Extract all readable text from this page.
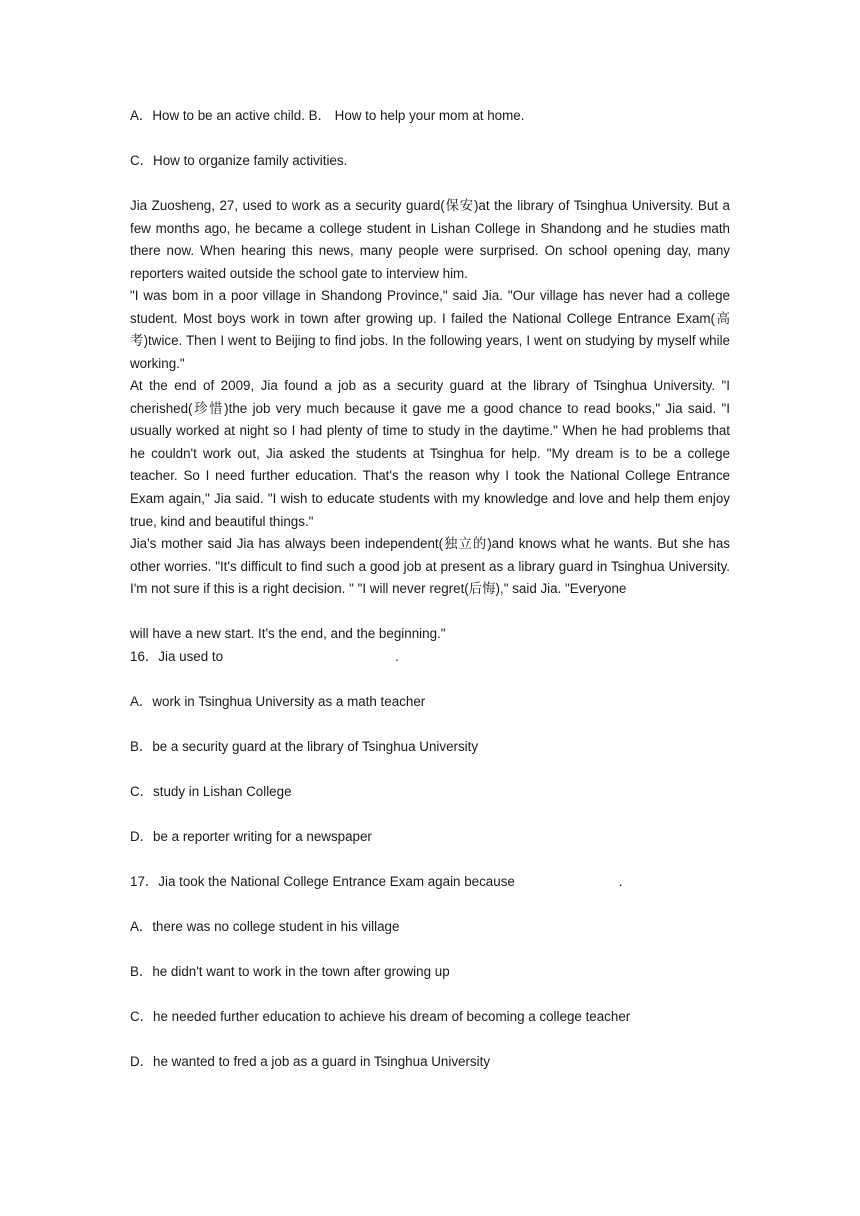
A．How to be an active child. B． How to help your mom at home.
C．How to organize family activities.

Jia Zuosheng, 27, used to work as a security guard(保安)at the library of Tsinghua University. But a few months ago, he became a college student in Lishan College in Shandong and he studies math there now. When hearing this news, many people were surprised. On school opening day, many reporters waited outside the school gate to interview him.

"I was bom in a poor village in Shandong Province," said Jia. "Our village has never had a college student. Most boys work in town after growing up. I failed the National College Entrance Exam(高考)twice. Then I went to Beijing to find jobs. In the following years, I went on studying by myself while working."

At the end of 2009, Jia found a job as a security guard at the library of Tsinghua University. "I cherished(珍惜)the job very much because it gave me a good chance to read books," Jia said. "I usually worked at night so I had plenty of time to study in the daytime." When he had problems that he couldn't work out, Jia asked the students at Tsinghua for help. "My dream is to be a college teacher. So I need further education. That's the reason why I took the National College Entrance Exam again," Jia said. "I wish to educate students with my knowledge and love and help them enjoy true, kind and beautiful things."

Jia's mother said Jia has always been independent(独立的)and knows what he wants. But she has other worries. "It's difficult to find such a good job at present as a library guard in Tsinghua University. I'm not sure if this is a right decision. " "I will never regret(后悔)," said Jia. "Everyone

will have a new start. It's the end, and the beginning."
16．Jia used to	.
A．work in Tsinghua University as a math teacher
B．be a security guard at the library of Tsinghua University
C．study in Lishan College
D．be a reporter writing for a newspaper
17．Jia took the National College Entrance Exam again because	.
A．there was no college student in his village
B．he didn't want to work in the town after growing up
C．he needed further education to achieve his dream of becoming a college teacher
D．he wanted to fred a job as a guard in Tsinghua University
